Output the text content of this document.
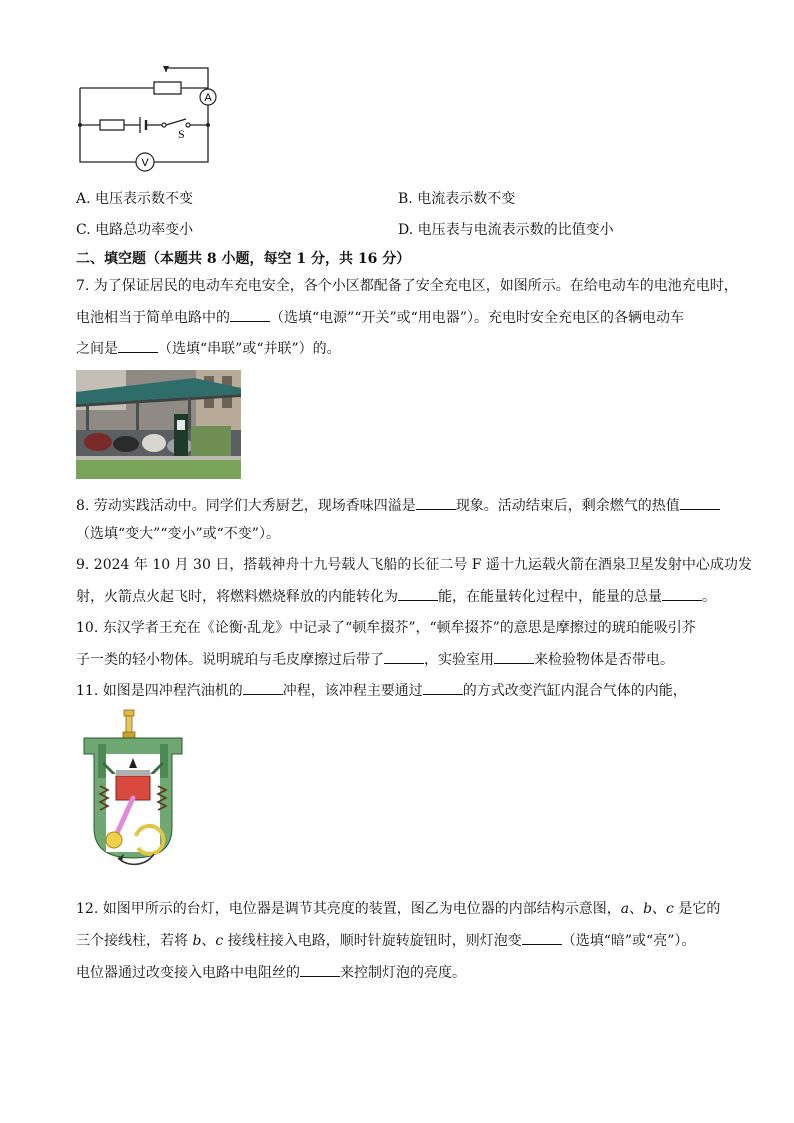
A
V
S
A. 电压表示数不变	B. 电流表示数不变
C. 电路总功率变小	D. 电压表与电流表示数的比值变小
二、填空题（本题共 8 小题，每空 1 分，共 16 分）
7. 为了保证居民的电动车充电安全，各个小区都配备了安全充电区，如图所示。在给电动车的电池充电时，
电池相当于简单电路中的	（选填“电源”“开关”或“用电器”）。充电时安全充电区的各辆电动车
之间是	（选填“串联”或“并联”）的。
8. 劳动实践活动中。同学们大秀厨艺，现场香味四溢是	现象。活动结束后，剩余燃气的热值
（选填“变大”“变小”或“不变”）。
9. 2024 年 10 月 30 日，搭载神舟十九号载人飞船的长征二号 F 遥十九运载火箭在酒泉卫星发射中心成功发
射，火箭点火起飞时，将燃料燃烧释放的内能转化为	能，在能量转化过程中，能量的总量	。
10. 东汉学者王充在《论衡·乱龙》中记录了“顿牟掇芥”，“顿牟掇芥”的意思是摩擦过的琥珀能吸引芥
子一类的轻小物体。说明琥珀与毛皮摩擦过后带了	，实验室用	来检验物体是否带电。
11. 如图是四冲程汽油机的	冲程，该冲程主要通过	的方式改变汽缸内混合气体的内能，
12. 如图甲所示的台灯，电位器是调节其亮度的装置，图乙为电位器的内部结构示意图，a、b、c 是它的
三个接线柱，若将 b、c 接线柱接入电路，顺时针旋转旋钮时，则灯泡变	（选填“暗”或“亮”）。
电位器通过改变接入电路中电阻丝的	来控制灯泡的亮度。
